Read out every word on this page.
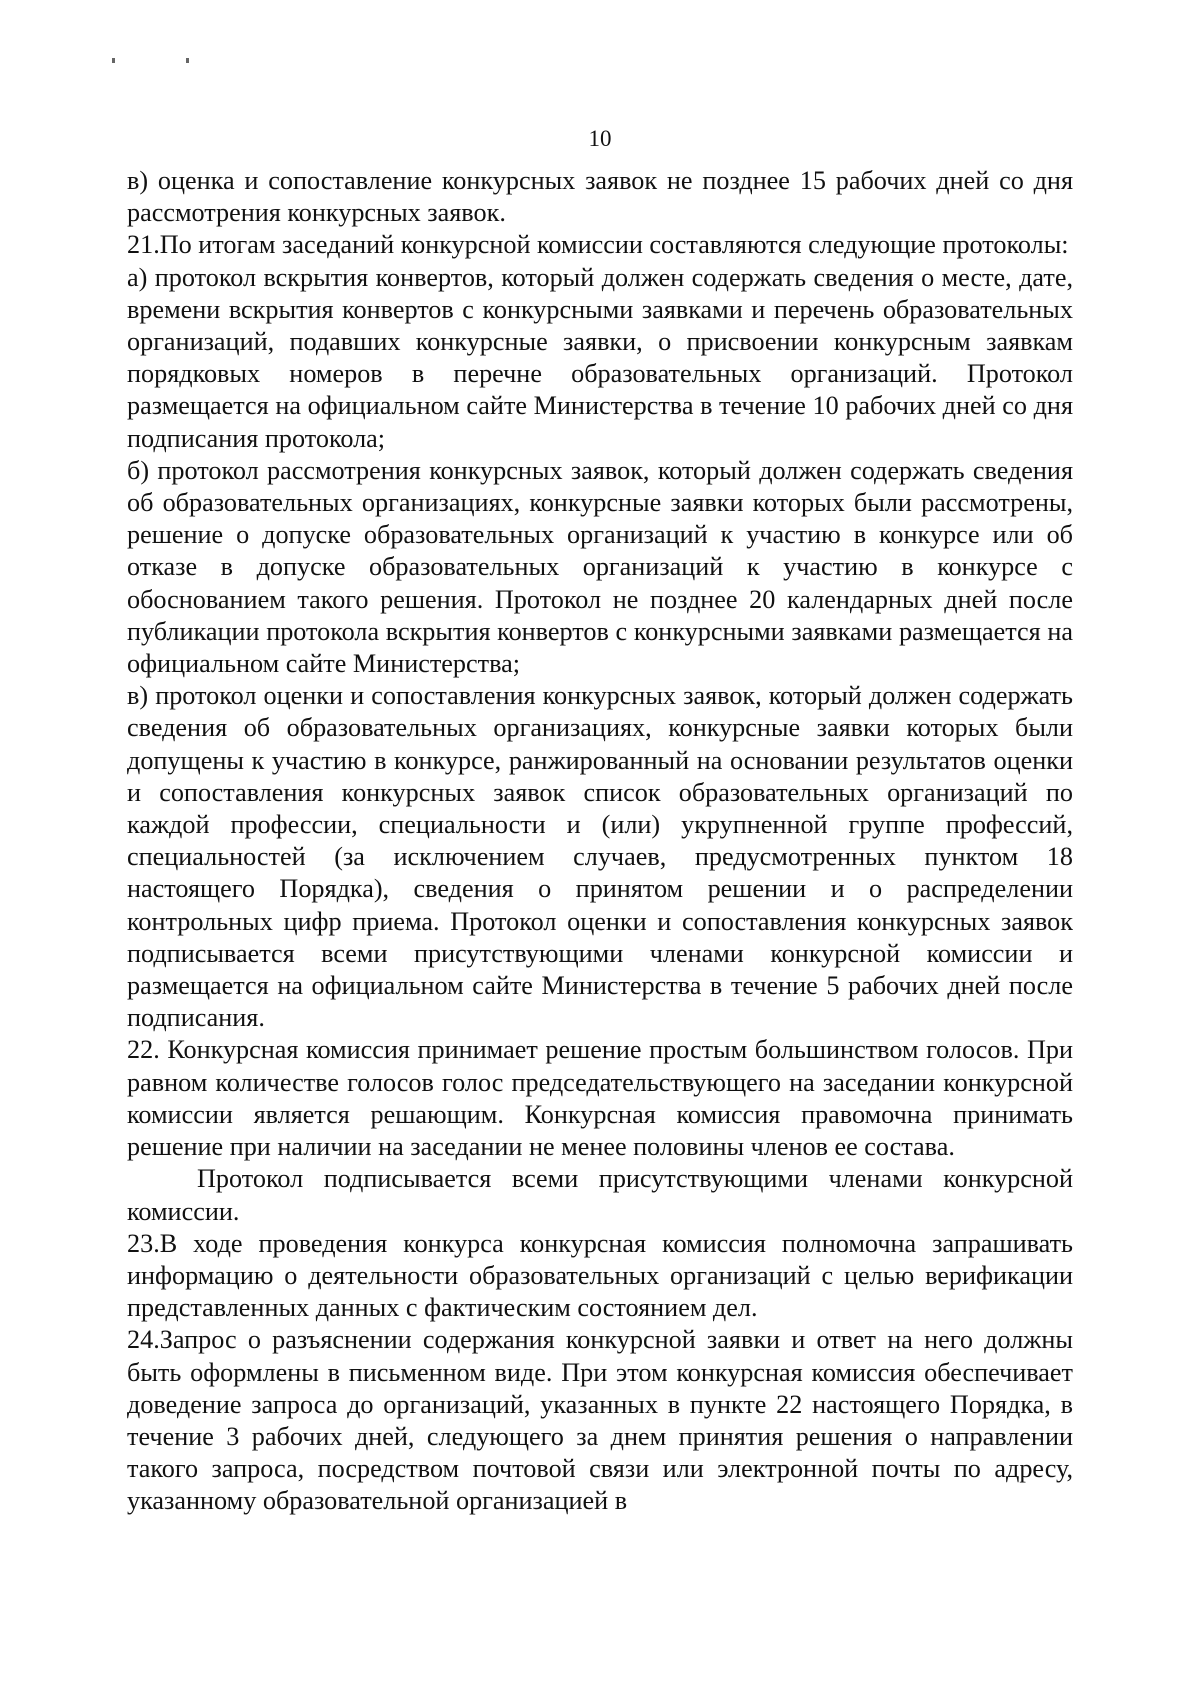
10

в) оценка и сопоставление конкурсных заявок не позднее 15 рабочих дней со дня рассмотрения конкурсных заявок.

21.По итогам заседаний конкурсной комиссии составляются следующие протоколы:

а) протокол вскрытия конвертов, который должен содержать сведения о месте, дате, времени вскрытия конвертов с конкурсными заявками и перечень образовательных организаций, подавших конкурсные заявки, о присвоении конкурсным заявкам порядковых номеров в перечне образовательных организаций. Протокол размещается на официальном сайте Министерства в течение 10 рабочих дней со дня подписания протокола;

б) протокол рассмотрения конкурсных заявок, который должен содержать сведения об образовательных организациях, конкурсные заявки которых были рассмотрены, решение о допуске образовательных организаций к участию в конкурсе или об отказе в допуске образовательных организаций к участию в конкурсе с обоснованием такого решения. Протокол не позднее 20 календарных дней после публикации протокола вскрытия конвертов с конкурсными заявками размещается на официальном сайте Министерства;

в) протокол оценки и сопоставления конкурсных заявок, который должен содержать сведения об образовательных организациях, конкурсные заявки которых были допущены к участию в конкурсе, ранжированный на основании результатов оценки и сопоставления конкурсных заявок список образовательных организаций по каждой профессии, специальности и (или) укрупненной группе профессий, специальностей (за исключением случаев, предусмотренных пунктом 18 настоящего Порядка), сведения о принятом решении и о распределении контрольных цифр приема. Протокол оценки и сопоставления конкурсных заявок подписывается всеми присутствующими членами конкурсной комиссии и размещается на официальном сайте Министерства в течение 5 рабочих дней после подписания.

22. Конкурсная комиссия принимает решение простым большинством голосов. При равном количестве голосов голос председательствующего на заседании конкурсной комиссии является решающим. Конкурсная комиссия правомочна принимать решение при наличии на заседании не менее половины членов ее состава.

Протокол подписывается всеми присутствующими членами конкурсной комиссии.

23.В ходе проведения конкурса конкурсная комиссия полномочна запрашивать информацию о деятельности образовательных организаций с целью верификации представленных данных с фактическим состоянием дел.

24.Запрос о разъяснении содержания конкурсной заявки и ответ на него должны быть оформлены в письменном виде. При этом конкурсная комиссия обеспечивает доведение запроса до организаций, указанных в пункте 22 настоящего Порядка, в течение 3 рабочих дней, следующего за днем принятия решения о направлении такого запроса, посредством почтовой связи или электронной почты по адресу, указанному образовательной организацией в
